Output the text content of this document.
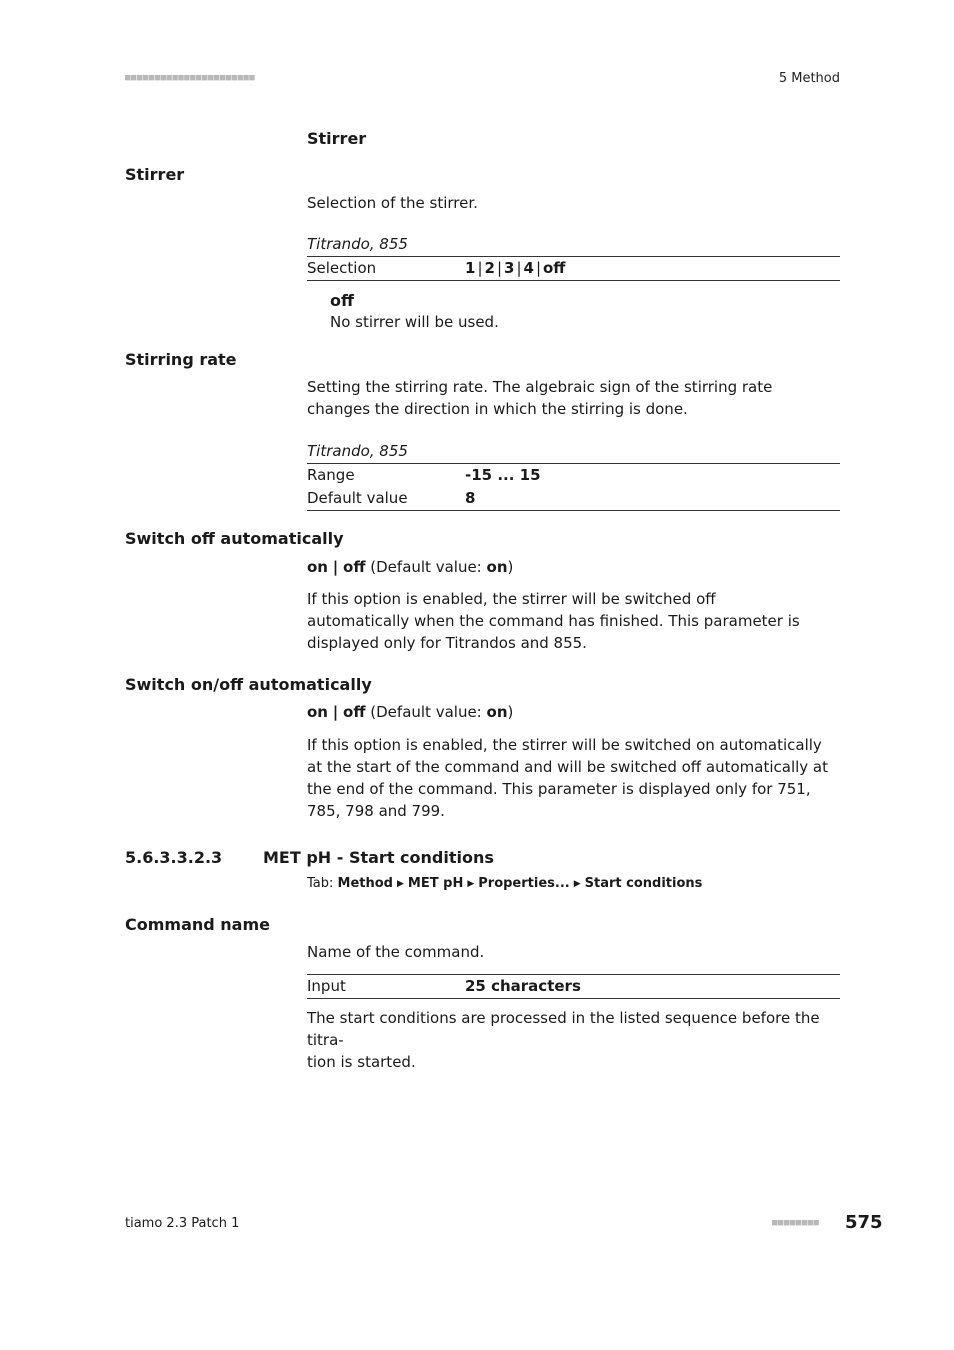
■■■■■■■■■■■■■■■■■■■■■■	5 Method
Stirrer
Stirrer
Selection of the stirrer.
Titrando, 855
Selection	1 | 2 | 3 | 4 | off
off
No stirrer will be used.
Stirring rate
Setting the stirring rate. The algebraic sign of the stirring rate changes the direction in which the stirring is done.
Titrando, 855
Range	-15 ... 15
Default value	8
Switch off automatically
on | off (Default value: on)
If this option is enabled, the stirrer will be switched off automatically when the command has finished. This parameter is displayed only for Titrandos and 855.
Switch on/off automatically
on | off (Default value: on)
If this option is enabled, the stirrer will be switched on automatically at the start of the command and will be switched off automatically at the end of the command. This parameter is displayed only for 751, 785, 798 and 799.
5.6.3.3.2.3	MET pH - Start conditions
Tab: Method ▶ MET pH ▶ Properties... ▶ Start conditions
Command name
Name of the command.
Input	25 characters
The start conditions are processed in the listed sequence before the titra-
tion is started.
tiamo 2.3 Patch 1	■■■■■■■■ 575
